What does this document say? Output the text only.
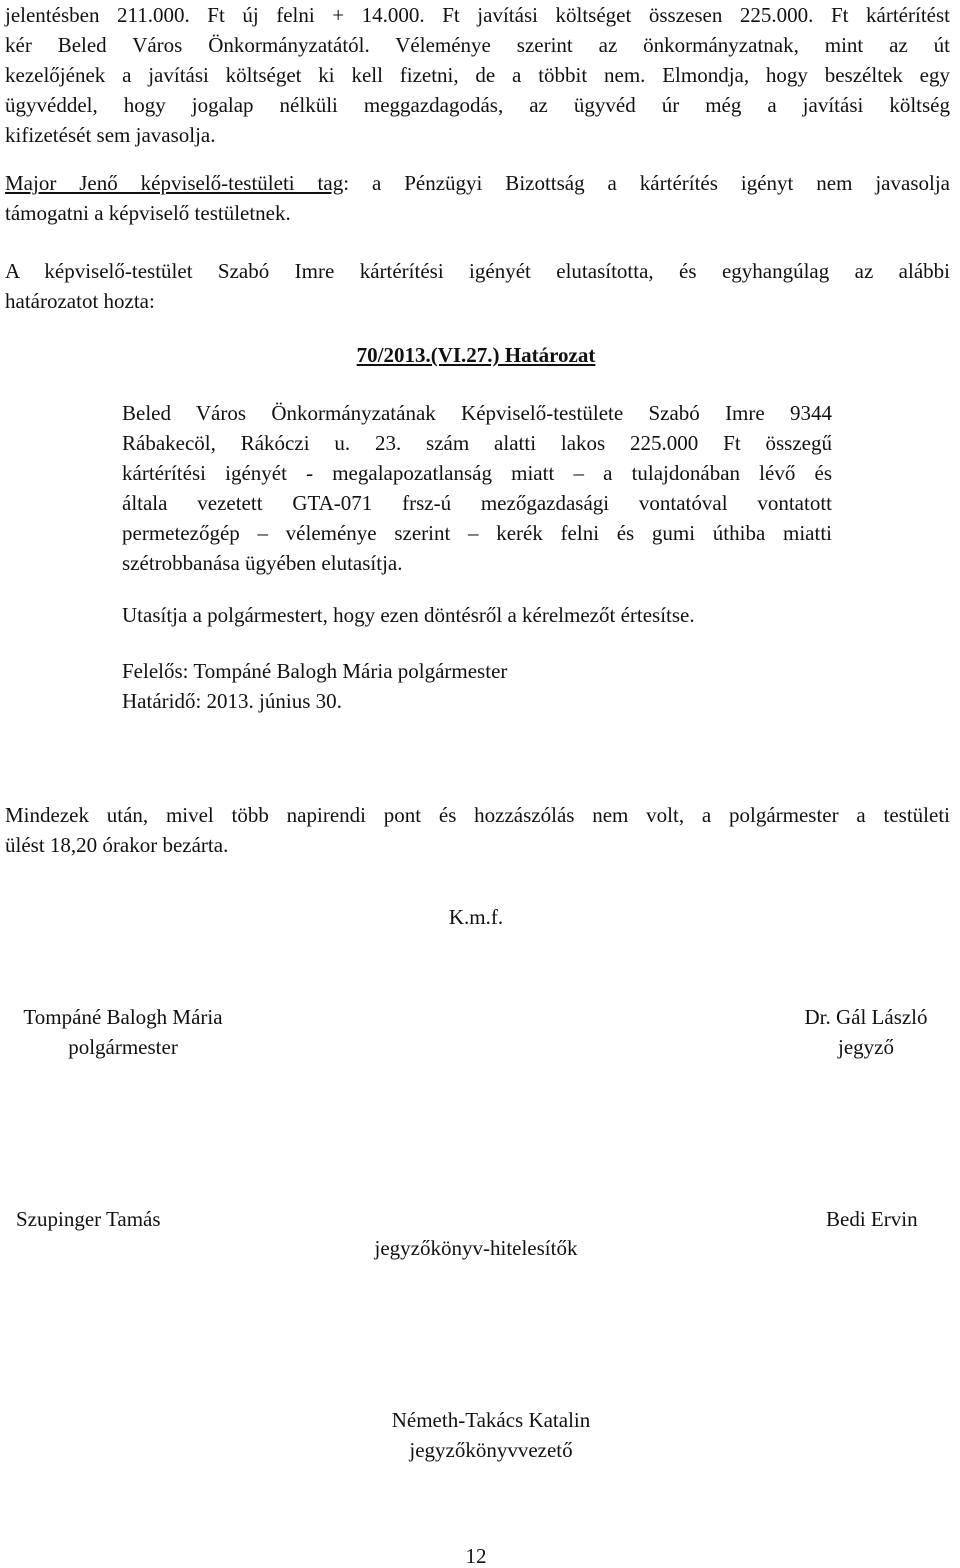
jelentésben 211.000. Ft új felni + 14.000. Ft javítási költséget összesen 225.000. Ft kártérítést
kér Beled Város Önkormányzatától. Véleménye szerint az önkormányzatnak, mint az út
kezelőjének a javítási költséget ki kell fizetni, de a többit nem. Elmondja, hogy beszéltek egy
ügyvéddel, hogy jogalap nélküli meggazdagodás, az ügyvéd úr még a javítási költség
kifizetését sem javasolja.
Major Jenő képviselő-testületi tag: a Pénzügyi Bizottság a kártérítés igényt nem javasolja
támogatni a képviselő testületnek.
A képviselő-testület Szabó Imre kártérítési igényét elutasította, és egyhangúlag az alábbi
határozatot hozta:

70/2013.(VI.27.) Határozat

Beled Város Önkormányzatának Képviselő-testülete Szabó Imre 9344
Rábakecöl, Rákóczi u. 23. szám alatti lakos 225.000 Ft összegű
kártérítési igényét - megalapozatlanság miatt – a tulajdonában lévő és
általa vezetett GTA-071 frsz-ú mezőgazdasági vontatóval vontatott
permetezőgép – véleménye szerint – kerék felni és gumi úthiba miatti
szétrobbanása ügyében elutasítja.

Utasítja a polgármestert, hogy ezen döntésről a kérelmezőt értesítse.

Felelős: Tompáné Balogh Mária polgármester

Határidő: 2013. június 30.

Mindezek után, mivel több napirendi pont és hozzászólás nem volt, a polgármester a testületi
ülést 18,20 órakor bezárta.

K.m.f.

Tompáné Balogh Mária
polgármester
Dr. Gál László
jegyző

Szupinger Tamás	Bedi Ervin

jegyzőkönyv-hitelesítők

Németh-Takács Katalin
jegyzőkönyvvezető

12
